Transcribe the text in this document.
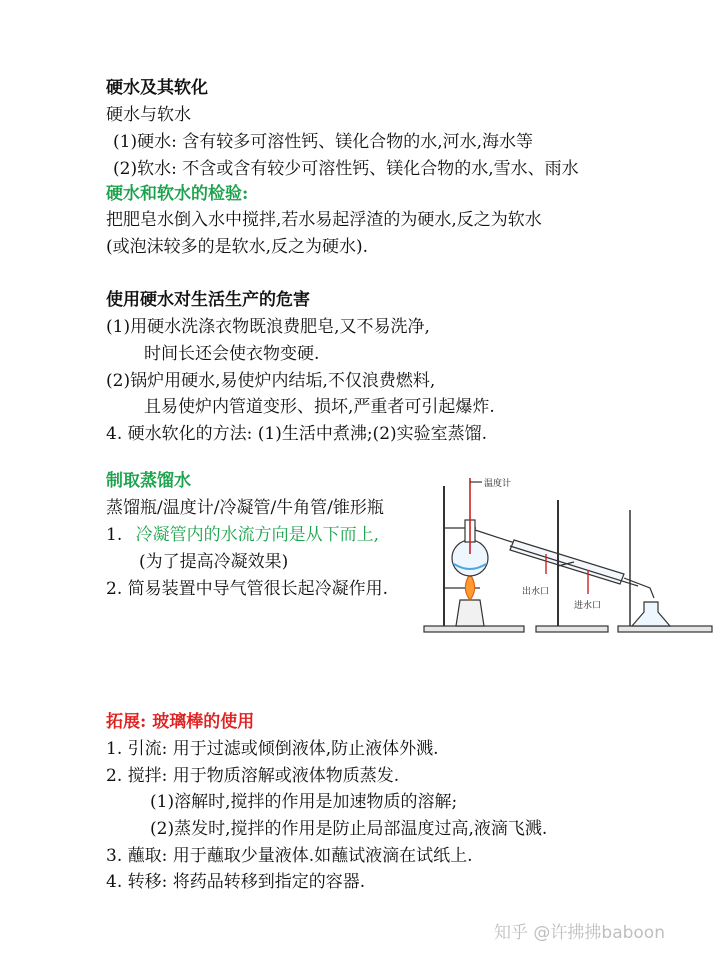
硬水及其软化
硬水与软水
(1)硬水: 含有较多可溶性钙、镁化合物的水,河水,海水等
(2)软水: 不含或含有较少可溶性钙、镁化合物的水,雪水、雨水
硬水和软水的检验:
把肥皂水倒入水中搅拌,若水易起浮渣的为硬水,反之为软水
(或泡沫较多的是软水,反之为硬水).
使用硬水对生活生产的危害
(1)用硬水洗涤衣物既浪费肥皂,又不易洗净,
时间长还会使衣物变硬.
(2)锅炉用硬水,易使炉内结垢,不仅浪费燃料,
且易使炉内管道变形、损坏,严重者可引起爆炸.
4. 硬水软化的方法: (1)生活中煮沸;(2)实验室蒸馏.
制取蒸馏水
蒸馏瓶/温度计/冷凝管/牛角管/锥形瓶
1. 冷凝管内的水流方向是从下而上,
(为了提高冷凝效果)
2. 简易装置中导气管很长起冷凝作用.
温度计
出水口
进水口
拓展: 玻璃棒的使用
1. 引流: 用于过滤或倾倒液体,防止液体外溅.
2. 搅拌: 用于物质溶解或液体物质蒸发.
(1)溶解时,搅拌的作用是加速物质的溶解;
(2)蒸发时,搅拌的作用是防止局部温度过高,液滴飞溅.
3. 蘸取: 用于蘸取少量液体.如蘸试液滴在试纸上.
4. 转移: 将药品转移到指定的容器.
知乎 @许拂拂baboon
